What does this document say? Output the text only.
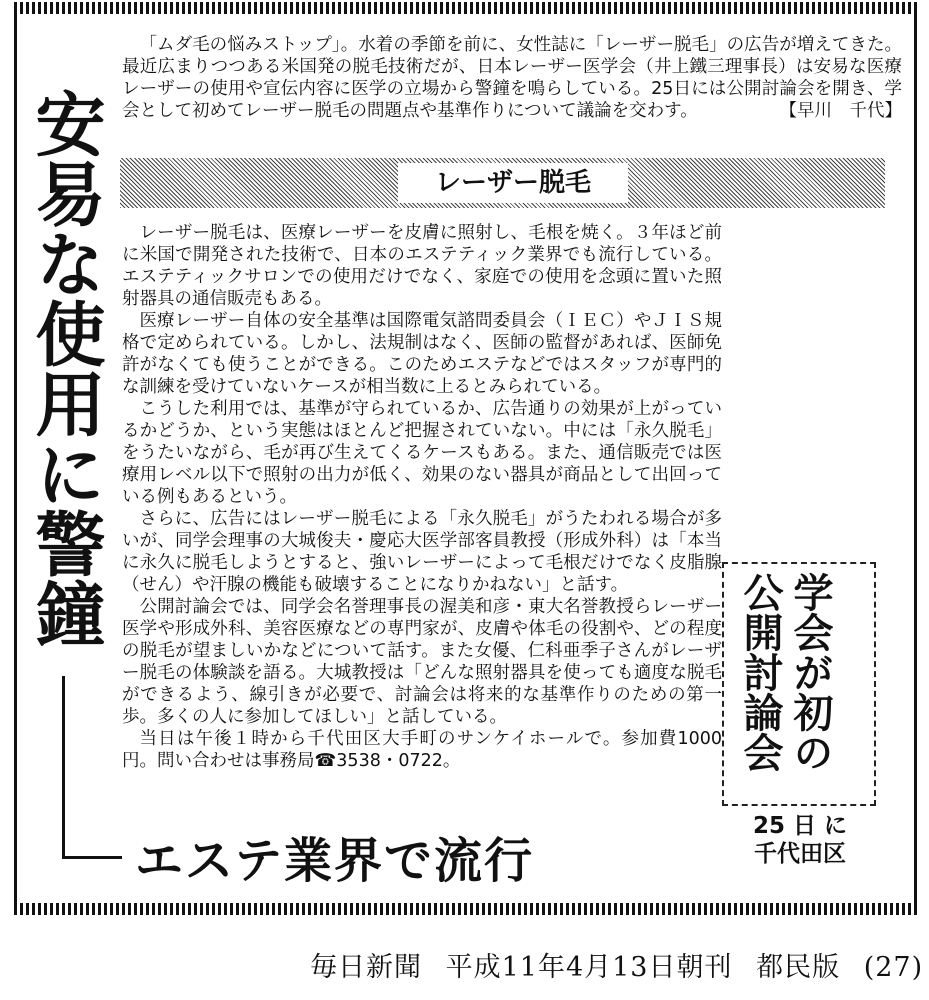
安易な使用に警鐘
エステ業界で流行

「ムダ毛の悩みストップ」。水着の季節を前に、女性誌に「レーザー脱毛」の広告が増えてきた。最近広まりつつある米国発の脱毛技術だが、日本レーザー医学会（井上鐵三理事長）は安易な医療レーザーの使用や宣伝内容に医学の立場から警鐘を鳴らしている。25日には公開討論会を開き、学会として初めてレーザー脱毛の問題点や基準作りについて議論を交わす。	【早川　千代】

レーザー脱毛

レーザー脱毛は、医療レーザーを皮膚に照射し、毛根を焼く。３年ほど前に米国で開発された技術で、日本のエステティック業界でも流行している。エステティックサロンでの使用だけでなく、家庭での使用を念頭に置いた照射器具の通信販売もある。

医療レーザー自体の安全基準は国際電気諮問委員会（ＩＥＣ）やＪＩＳ規格で定められている。しかし、法規制はなく、医師の監督があれば、医師免許がなくても使うことができる。このためエステなどではスタッフが専門的な訓練を受けていないケースが相当数に上るとみられている。

こうした利用では、基準が守られているか、広告通りの効果が上がっているかどうか、という実態はほとんど把握されていない。中には「永久脱毛」をうたいながら、毛が再び生えてくるケースもある。また、通信販売では医療用レベル以下で照射の出力が低く、効果のない器具が商品として出回っている例もあるという。

さらに、広告にはレーザー脱毛による「永久脱毛」がうたわれる場合が多いが、同学会理事の大城俊夫・慶応大医学部客員教授（形成外科）は「本当に永久に脱毛しようとすると、強いレーザーによって毛根だけでなく皮脂腺（せん）や汗腺の機能も破壊することになりかねない」と話す。

公開討論会では、同学会名誉理事長の渥美和彦・東大名誉教授らレーザー医学や形成外科、美容医療などの専門家が、皮膚や体毛の役割や、どの程度の脱毛が望ましいかなどについて話す。また女優、仁科亜季子さんがレーザー脱毛の体験談を語る。大城教授は「どんな照射器具を使っても適度な脱毛ができるよう、線引きが必要で、討論会は将来的な基準作りのための第一歩。多くの人に参加してほしい」と話している。

当日は午後１時から千代田区大手町のサンケイホールで。参加費1000円。問い合わせは事務局☎3538・0722。	学会が初の
公開討論会
25 日 に
千代田区
毎日新聞 平成11年4月13日朝刊 都民版 (27)
